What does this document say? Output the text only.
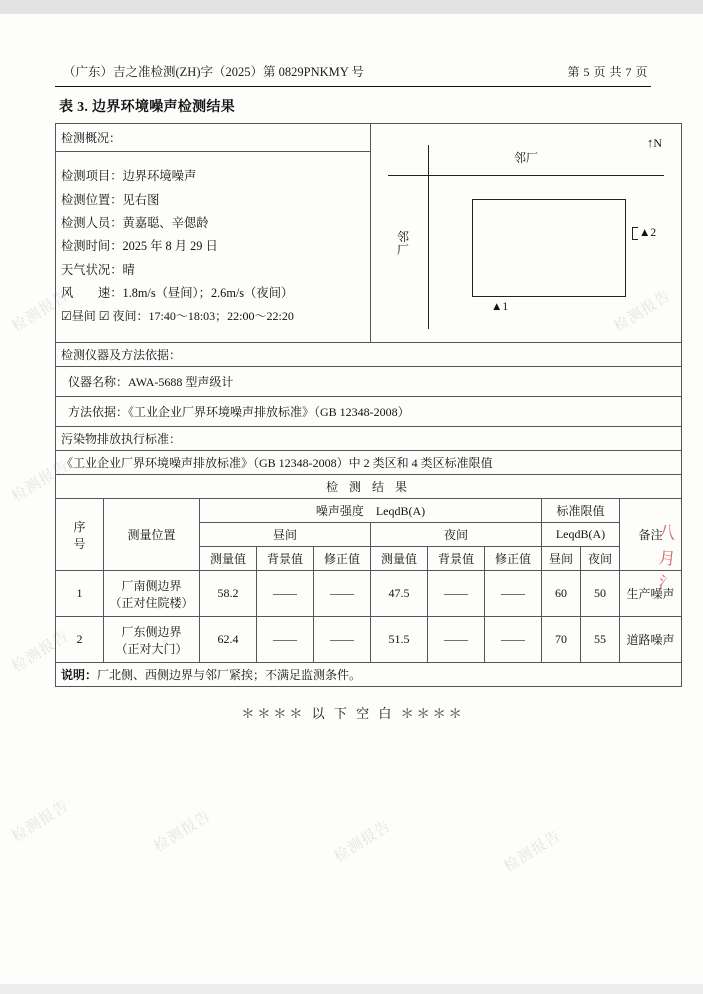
检测报告
检测报告
检测报告
检测报告	检测报告	检测报告	检测报告
检测报告
八
月
氵
（广东）吉之准检测(ZH)字（2025）第 0829PNKMY 号	第 5 页 共 7 页
表 3. 边界环境噪声检测结果
检测概况：					↑N
邻厂
邻厂
▲1
▲2					

检测项目：边界环境噪声
检测位置：见右图
检测人员：黄嘉聪、辛偲龄
检测时间：2025 年 8 月 29 日
天气状况：晴
风　　速：1.8m/s（昼间）；2.6m/s（夜间）
☑昼间 ☑ 夜间：17:40～18:03；22:00～22:20

检测仪器及方法依据：										
仪器名称：AWA-5688 型声级计										
方法依据：《工业企业厂界环境噪声排放标准》（GB 12348-2008）										
污染物排放执行标准：										
《工业企业厂界环境噪声排放标准》（GB 12348-2008）中 2 类区和 4 类区标准限值										
检 测 结 果										
序
号	测量位置	噪声强度　LeqdB(A)						标准限值		备注
		昼间			夜间			LeqdB(A)		
		测量值	背景值	修正值	测量值	背景值	修正值	昼间	夜间	
1	厂南侧边界
（正对住院楼）	58.2	——	——	47.5	——	——	60	50	生产噪声
2	厂东侧边界
（正对大门）	62.4	——	——	51.5	——	——	70	55	道路噪声
说明：厂北侧、西侧边界与邻厂紧挨；不满足监测条件。										
＊＊＊＊ 以 下 空 白 ＊＊＊＊
